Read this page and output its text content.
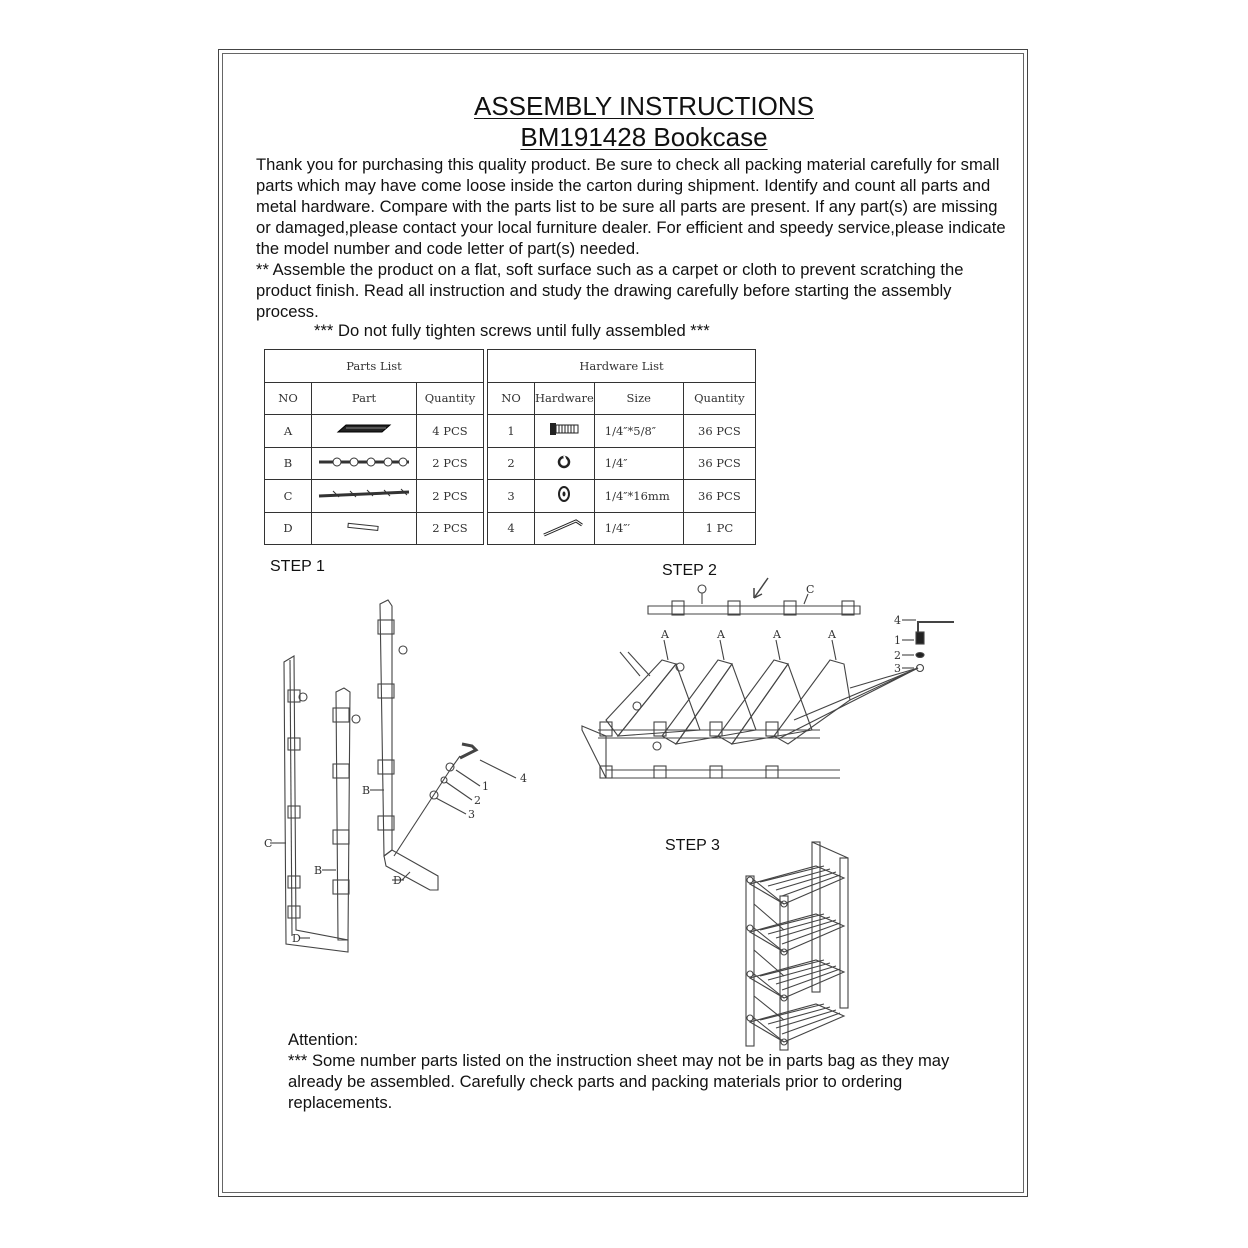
ASSEMBLY INSTRUCTIONS
BM191428 Bookcase

Thank you for purchasing this quality product. Be sure to check all packing material carefully for small parts which may have come loose inside the carton during shipment. Identify and count all parts and metal hardware. Compare with the parts list to be sure all parts are present. If any part(s) are missing or damaged,please contact your local furniture dealer. For efficient and speedy service,please indicate the model number and code letter of part(s) needed.

** Assemble the product on a flat, soft surface such as a carpet or cloth to prevent scratching the product finish. Read all instruction and study the drawing carefully before starting the assembly process.

*** Do not fully tighten screws until fully assembled ***
Parts List		
NO	Part	Quantity
A		4 PCS
B		2 PCS
C		2 PCS
D		2 PCS
Hardware List			
NO	Hardware	Size	Quantity
1		1/4″*5/8″	36 PCS
2		1/4″	36 PCS
3		1/4″*16mm	36 PCS
4		1/4″′	1 PC
STEP 1	STEP 2
STEP 3
C
B
B
D
D
1
2
3
4
C
A	A	A	A	1
2
3
4

Attention:

*** Some number parts listed on the instruction sheet may not be in parts bag as they may already be assembled. Carefully check parts and packing materials prior to ordering replacements.
